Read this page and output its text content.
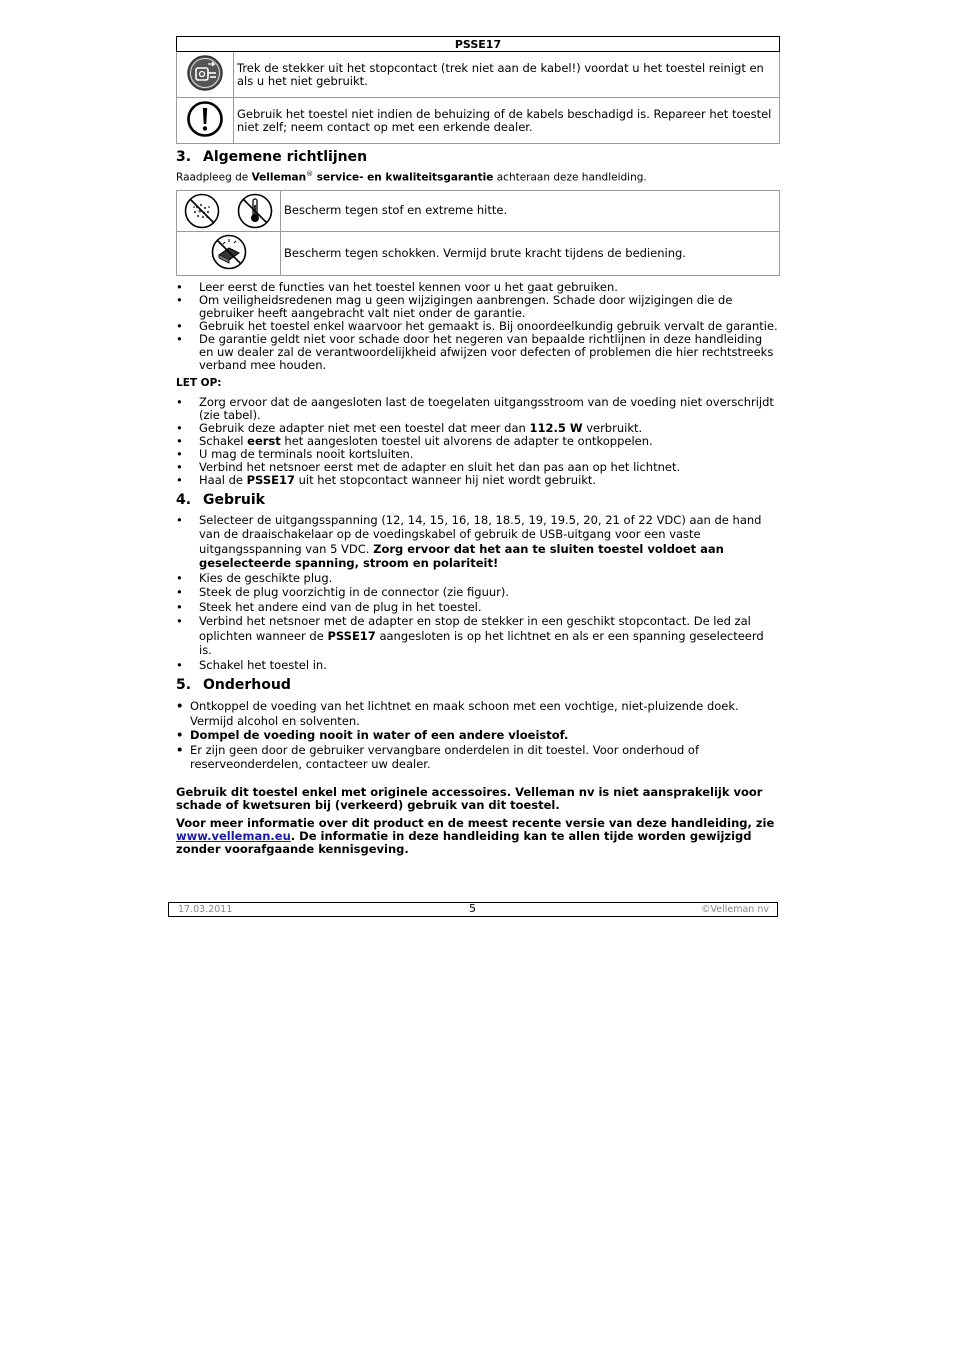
PSSE17	
	Trek de stekker uit het stopcontact (trek niet aan de kabel!) voordat u het toestel reinigt en als u het niet gebruikt.
	Gebruik het toestel niet indien de behuizing of de kabels beschadigd is. Repareer het toestel niet zelf; neem contact op met een erkende dealer.
3. Algemene richtlijnen
Raadpleeg de Velleman® service- en kwaliteitsgarantie achteraan deze handleiding.
	Bescherm tegen stof en extreme hitte.
	Bescherm tegen schokken. Vermijd brute kracht tijdens de bediening.
• Leer eerst de functies van het toestel kennen voor u het gaat gebruiken.
• Om veiligheidsredenen mag u geen wijzigingen aanbrengen. Schade door wijzigingen die de gebruiker heeft aangebracht valt niet onder de garantie.
• Gebruik het toestel enkel waarvoor het gemaakt is. Bij onoordeelkundig gebruik vervalt de garantie.
• De garantie geldt niet voor schade door het negeren van bepaalde richtlijnen in deze handleiding en uw dealer zal de verantwoordelijkheid afwijzen voor defecten of problemen die hier rechtstreeks verband mee houden.
LET OP:
• Zorg ervoor dat de aangesloten last de toegelaten uitgangsstroom van de voeding niet overschrijdt (zie tabel).
• Gebruik deze adapter niet met een toestel dat meer dan 112.5 W verbruikt.
• Schakel eerst het aangesloten toestel uit alvorens de adapter te ontkoppelen.
• U mag de terminals nooit kortsluiten.
• Verbind het netsnoer eerst met de adapter en sluit het dan pas aan op het lichtnet.
• Haal de PSSE17 uit het stopcontact wanneer hij niet wordt gebruikt.
4. Gebruik
• Selecteer de uitgangsspanning (12, 14, 15, 16, 18, 18.5, 19, 19.5, 20, 21 of 22 VDC) aan de hand van de draaischakelaar op de voedingskabel of gebruik de USB-uitgang voor een vaste uitgangsspanning van 5 VDC. Zorg ervoor dat het aan te sluiten toestel voldoet aan geselecteerde spanning, stroom en polariteit!
• Kies de geschikte plug.
• Steek de plug voorzichtig in de connector (zie figuur).
• Steek het andere eind van de plug in het toestel.
• Verbind het netsnoer met de adapter en stop de stekker in een geschikt stopcontact. De led zal oplichten wanneer de PSSE17 aangesloten is op het lichtnet en als er een spanning geselecteerd is.
• Schakel het toestel in.
5. Onderhoud
• Ontkoppel de voeding van het lichtnet en maak schoon met een vochtige, niet-pluizende doek. Vermijd alcohol en solventen.
• Dompel de voeding nooit in water of een andere vloeistof.
• Er zijn geen door de gebruiker vervangbare onderdelen in dit toestel. Voor onderhoud of reserveonderdelen, contacteer uw dealer.
Gebruik dit toestel enkel met originele accessoires. Velleman nv is niet aansprakelijk voor schade of kwetsuren bij (verkeerd) gebruik van dit toestel.
Voor meer informatie over dit product en de meest recente versie van deze handleiding, zie www.velleman.eu. De informatie in deze handleiding kan te allen tijde worden gewijzigd zonder voorafgaande kennisgeving.
17.03.2011	5	©Velleman nv
